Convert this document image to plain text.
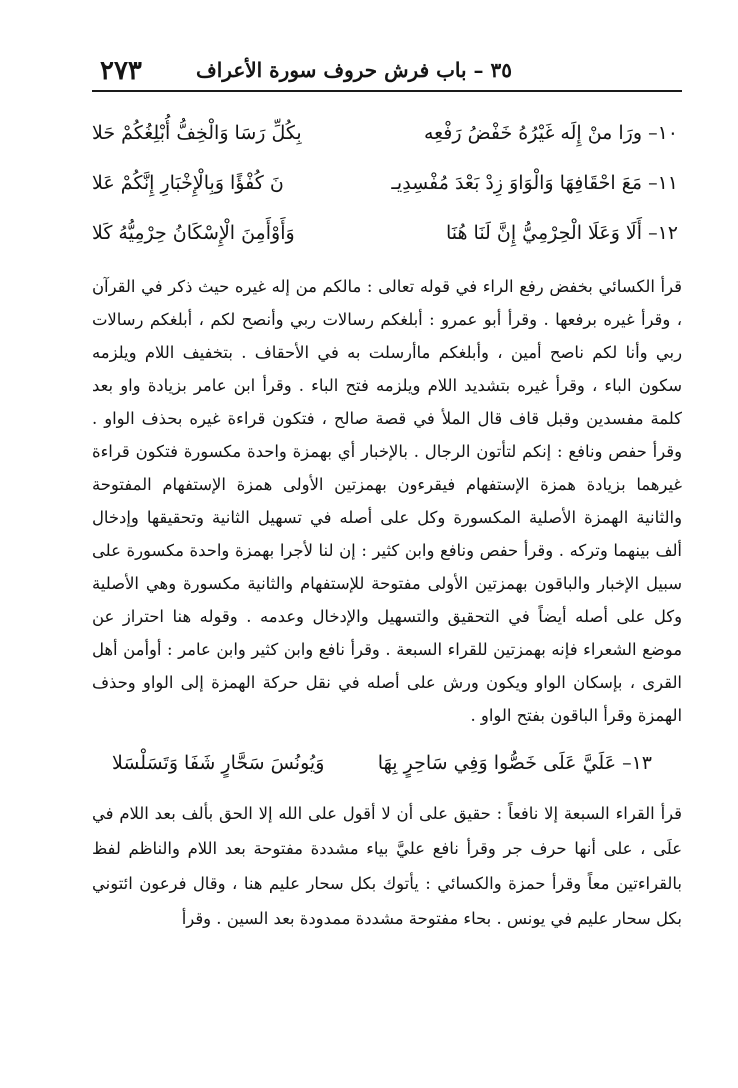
٢٧٣	٣٥ – باب فرش حروف سورة الأعراف
١٠– ورَا منْ إِلَه غَيْرُهُ خَفْضُ رَفْعِه
بِكُلِّ رَسَا وَالْخِفُّ أُبْلِغُكُمْ حَلا
١١– مَعَ احْقَافِهَا وَالْوَاوَ زِدْ بَعْدَ مُفْسِدِيـ
نَ كُفْؤًا وَبِالْإِخْبَارِ إِنَّكُمْ عَلا
١٢– أَلَا وَعَلَا الْحِرْمِيُّ إِنَّ لَنَا هُنَا
وَأَوْأَمِنَ الْإِسْكَانُ حِرْمِيُّهُ كَلا

قرأ الكسائي بخفض رفع الراء في قوله تعالى : مالكم من إله غيره حيث ذكر في القرآن ، وقرأ غيره برفعها . وقرأ أبو عمرو : أبلغكم رسالات ربي وأنصح لكم ، أبلغكم رسالات ربي وأنا لكم ناصح أمين ، وأبلغكم ماأرسلت به في الأحقاف . بتخفيف اللام ويلزمه سكون الباء ، وقرأ غيره بتشديد اللام ويلزمه فتح الباء . وقرأ ابن عامر بزيادة واو بعد كلمة مفسدين وقبل قاف قال الملأ في قصة صالح ، فتكون قراءة غيره بحذف الواو . وقرأ حفص ونافع : إنكم لتأتون الرجال . بالإخبار أي بهمزة واحدة مكسورة فتكون قراءة غيرهما بزيادة همزة الإستفهام فيقرءون بهمزتين الأولى همزة الإستفهام المفتوحة والثانية الهمزة الأصلية المكسورة وكل على أصله في تسهيل الثانية وتحقيقها وإدخال ألف بينهما وتركه . وقرأ حفص ونافع وابن كثير : إن لنا لأجرا بهمزة واحدة مكسورة على سبيل الإخبار والباقون بهمزتين الأولى مفتوحة للإستفهام والثانية مكسورة وهي الأصلية وكل على أصله أيضاً في التحقيق والتسهيل والإدخال وعدمه . وقوله هنا احتراز عن موضع الشعراء فإنه بهمزتين للقراء السبعة . وقرأ نافع وابن كثير وابن عامر : أوأمن أهل القرى ، بإسكان الواو ويكون ورش على أصله في نقل حركة الهمزة إلى الواو وحذف الهمزة وقرأ الباقون بفتح الواو .

١٣– عَلَيَّ عَلَى خَصُّوا وَفِي سَاحِرٍ بِهَا
وَيُونُسَ سَحَّارٍ شَفَا وَتَسَلْسَلا

قرأ القراء السبعة إلا نافعاً : حقيق على أن لا أقول على الله إلا الحق بألف بعد اللام في علَى ، على أنها حرف جر وقرأ نافع عليَّ بياء مشددة مفتوحة بعد اللام والناظم لفظ بالقراءتين معاً وقرأ حمزة والكسائي : يأتوك بكل سحار عليم هنا ، وقال فرعون ائتوني بكل سحار عليم في يونس . بحاء مفتوحة مشددة ممدودة بعد السين . وقرأ
